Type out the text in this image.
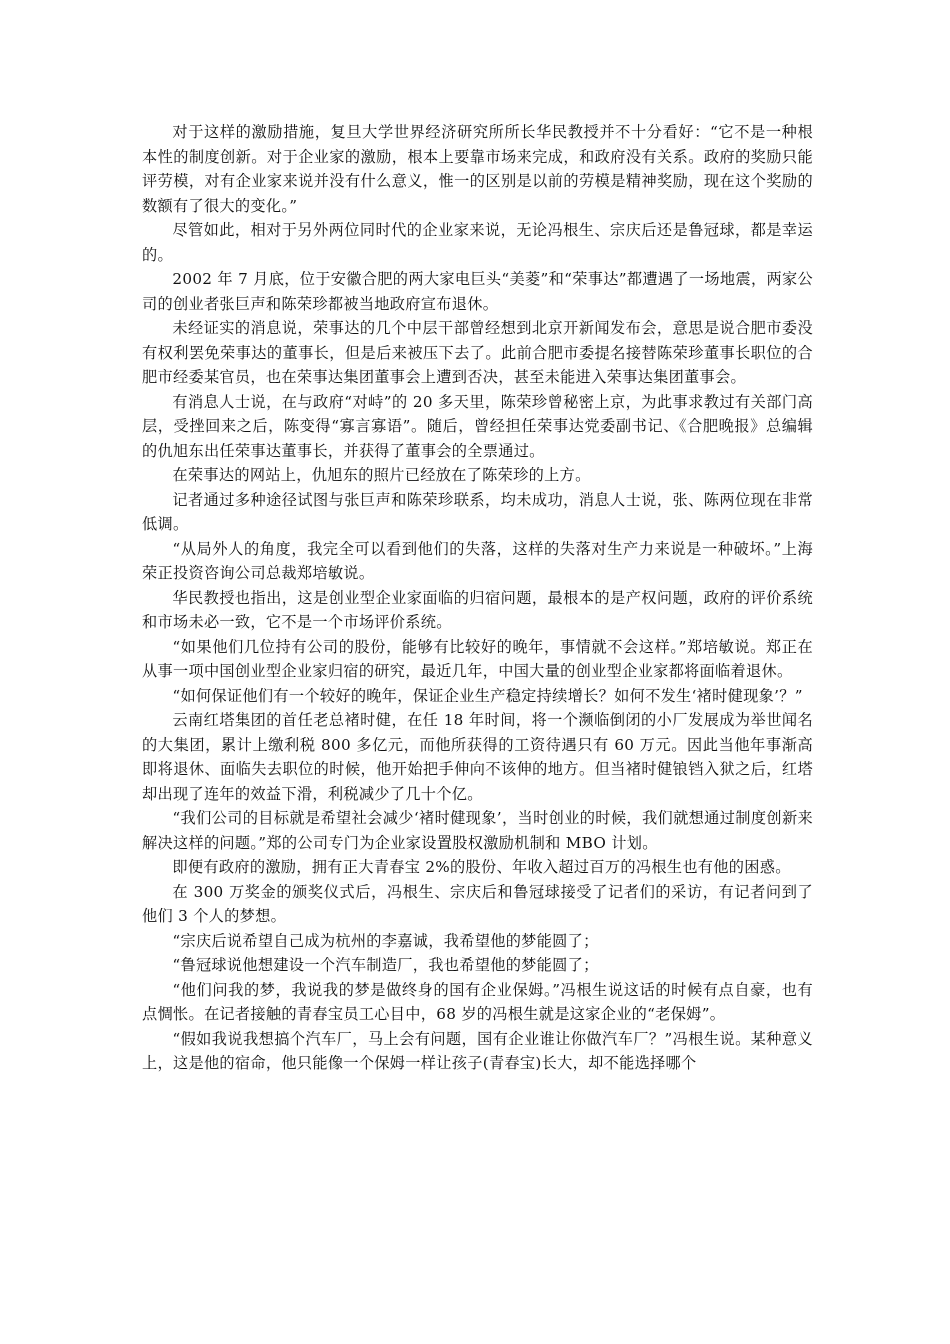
对于这样的激励措施，复旦大学世界经济研究所所长华民教授并不十分看好：“它不是一种根本性的制度创新。对于企业家的激励，根本上要靠市场来完成，和政府没有关系。政府的奖励只能评劳模，对有企业家来说并没有什么意义，惟一的区别是以前的劳模是精神奖励，现在这个奖励的数额有了很大的变化。”

尽管如此，相对于另外两位同时代的企业家来说，无论冯根生、宗庆后还是鲁冠球，都是幸运的。

2002 年 7 月底，位于安徽合肥的两大家电巨头“美菱”和“荣事达”都遭遇了一场地震，两家公司的创业者张巨声和陈荣珍都被当地政府宣布退休。

未经证实的消息说，荣事达的几个中层干部曾经想到北京开新闻发布会，意思是说合肥市委没有权利罢免荣事达的董事长，但是后来被压下去了。此前合肥市委提名接替陈荣珍董事长职位的合肥市经委某官员，也在荣事达集团董事会上遭到否决，甚至未能进入荣事达集团董事会。

有消息人士说，在与政府“对峙”的 20 多天里，陈荣珍曾秘密上京，为此事求教过有关部门高层，受挫回来之后，陈变得“寡言寡语”。随后，曾经担任荣事达党委副书记、《合肥晚报》总编辑的仇旭东出任荣事达董事长，并获得了董事会的全票通过。

在荣事达的网站上，仇旭东的照片已经放在了陈荣珍的上方。

记者通过多种途径试图与张巨声和陈荣珍联系，均未成功，消息人士说，张、陈两位现在非常低调。

“从局外人的角度，我完全可以看到他们的失落，这样的失落对生产力来说是一种破坏。”上海荣正投资咨询公司总裁郑培敏说。

华民教授也指出，这是创业型企业家面临的归宿问题，最根本的是产权问题，政府的评价系统和市场未必一致，它不是一个市场评价系统。

“如果他们几位持有公司的股份，能够有比较好的晚年，事情就不会这样。”郑培敏说。郑正在从事一项中国创业型企业家归宿的研究，最近几年，中国大量的创业型企业家都将面临着退休。

“如何保证他们有一个较好的晚年，保证企业生产稳定持续增长？如何不发生‘褚时健现象’？”

云南红塔集团的首任老总褚时健，在任 18 年时间，将一个濒临倒闭的小厂发展成为举世闻名的大集团，累计上缴利税 800 多亿元，而他所获得的工资待遇只有 60 万元。因此当他年事渐高即将退休、面临失去职位的时候，他开始把手伸向不该伸的地方。但当褚时健锒铛入狱之后，红塔却出现了连年的效益下滑，利税减少了几十个亿。

“我们公司的目标就是希望社会减少‘褚时健现象’，当时创业的时候，我们就想通过制度创新来解决这样的问题。”郑的公司专门为企业家设置股权激励机制和 MBO 计划。

即便有政府的激励，拥有正大青春宝 2%的股份、年收入超过百万的冯根生也有他的困惑。

在 300 万奖金的颁奖仪式后，冯根生、宗庆后和鲁冠球接受了记者们的采访，有记者问到了他们 3 个人的梦想。

“宗庆后说希望自己成为杭州的李嘉诚，我希望他的梦能圆了；

“鲁冠球说他想建设一个汽车制造厂，我也希望他的梦能圆了；

“他们问我的梦，我说我的梦是做终身的国有企业保姆。”冯根生说这话的时候有点自豪，也有点惆怅。在记者接触的青春宝员工心目中，68 岁的冯根生就是这家企业的“老保姆”。

“假如我说我想搞个汽车厂，马上会有问题，国有企业谁让你做汽车厂？”冯根生说。某种意义上，这是他的宿命，他只能像一个保姆一样让孩子(青春宝)长大，却不能选择哪个
